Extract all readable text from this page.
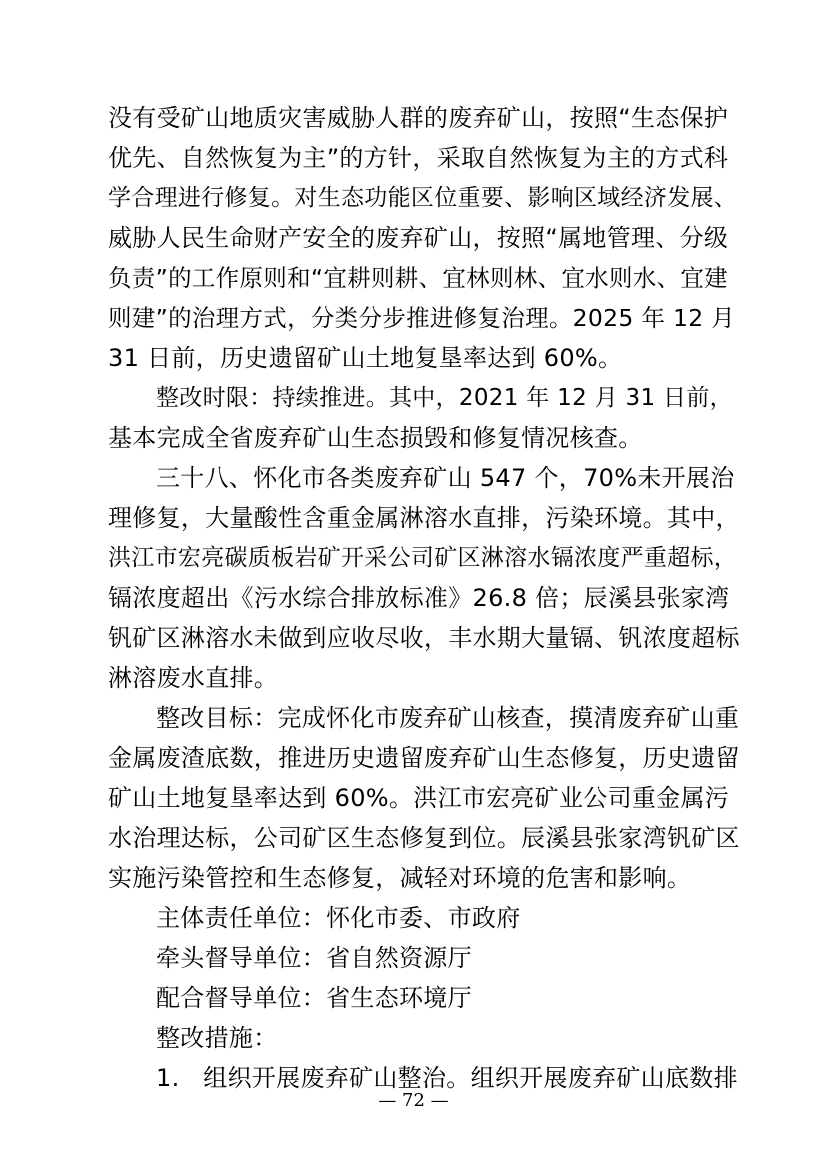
没有受矿山地质灾害威胁人群的废弃矿山，按照“生态保护
优先、自然恢复为主”的方针，采取自然恢复为主的方式科
学合理进行修复。对生态功能区位重要、影响区域经济发展、
威胁人民生命财产安全的废弃矿山，按照“属地管理、分级
负责”的工作原则和“宜耕则耕、宜林则林、宜水则水、宜建
则建”的治理方式，分类分步推进修复治理。2025 年 12 月
31 日前，历史遗留矿山土地复垦率达到 60%。
整改时限：持续推进。其中，2021 年 12 月 31 日前，
基本完成全省废弃矿山生态损毁和修复情况核查。
三十八、怀化市各类废弃矿山 547 个，70%未开展治
理修复，大量酸性含重金属淋溶水直排，污染环境。其中，
洪江市宏亮碳质板岩矿开采公司矿区淋溶水镉浓度严重超标，
镉浓度超出《污水综合排放标准》26.8 倍；辰溪县张家湾
钒矿区淋溶水未做到应收尽收，丰水期大量镉、钒浓度超标
淋溶废水直排。
整改目标：完成怀化市废弃矿山核查，摸清废弃矿山重
金属废渣底数，推进历史遗留废弃矿山生态修复，历史遗留
矿山土地复垦率达到 60%。洪江市宏亮矿业公司重金属污
水治理达标，公司矿区生态修复到位。辰溪县张家湾钒矿区
实施污染管控和生态修复，减轻对环境的危害和影响。
主体责任单位：怀化市委、市政府
牵头督导单位：省自然资源厅
配合督导单位：省生态环境厅
整改措施：
1.   组织开展废弃矿山整治。组织开展废弃矿山底数排
— 72 —
